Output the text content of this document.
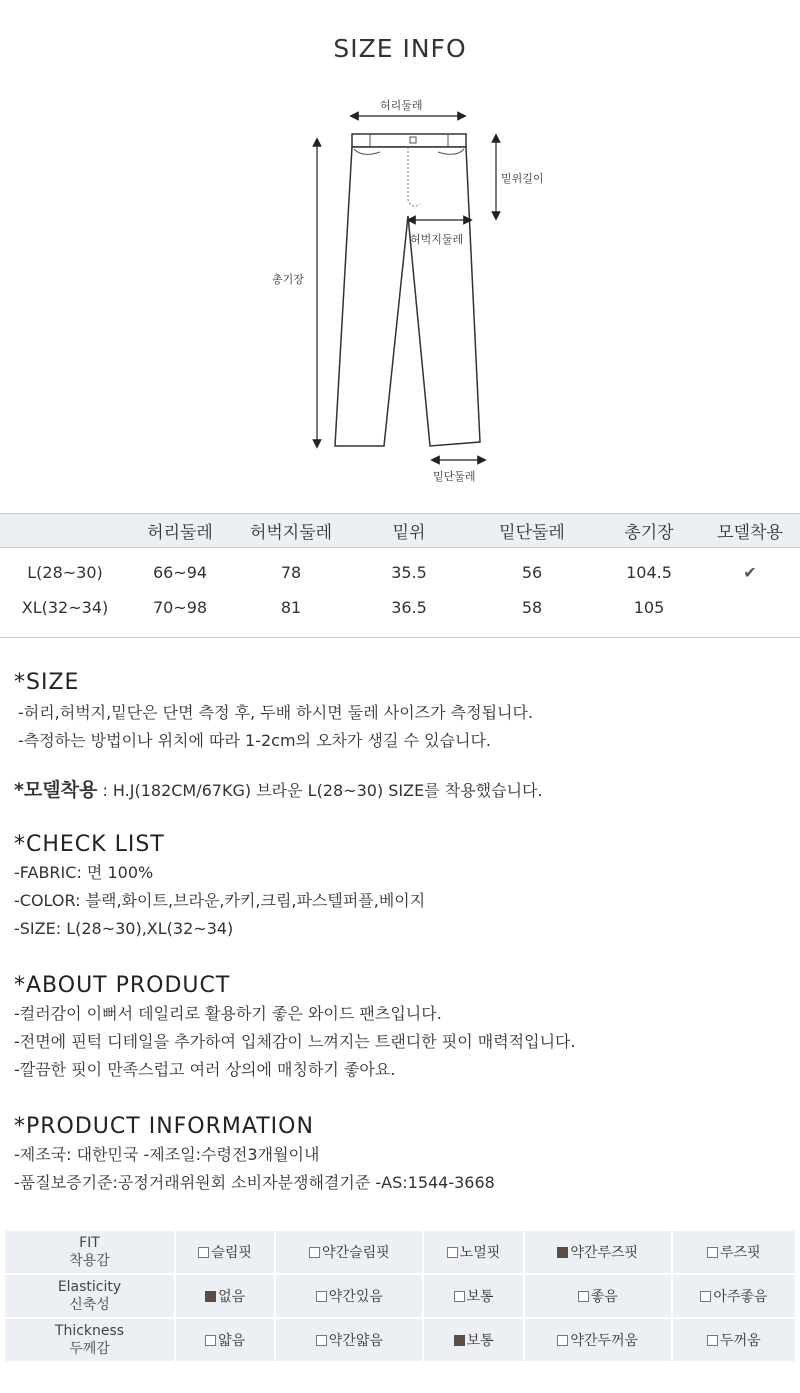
SIZE INFO
허리둘레
밑위길이
허벅지둘레
총기장
밑단둘레
	허리둘레	허벅지둘레	밑위	밑단둘레	총기장	모델착용
L(28~30)	66~94	78	35.5	56	104.5	✔
XL(32~34)	70~98	81	36.5	58	105	
*SIZE
-허리,허벅지,밑단은 단면 측정 후, 두배 하시면 둘레 사이즈가 측정됩니다.
-측정하는 방법이나 위치에 따라 1-2cm의 오차가 생길 수 있습니다.
*모델착용 : H.J(182CM/67KG) 브라운 L(28~30) SIZE를 착용했습니다.
*CHECK LIST
-FABRIC: 면 100%
-COLOR: 블랙,화이트,브라운,카키,크림,파스텔퍼플,베이지
-SIZE: L(28~30),XL(32~34)
*ABOUT PRODUCT
-컬러감이 이뻐서 데일리로 활용하기 좋은 와이드 팬츠입니다.
-전면에 핀턱 디테일을 추가하여 입체감이 느껴지는 트랜디한 핏이 매력적입니다.
-깔끔한 핏이 만족스럽고 여러 상의에 매칭하기 좋아요.
*PRODUCT INFORMATION
-제조국: 대한민국 -제조일:수령전3개월이내
-품질보증기준:공정거래위원회 소비자분쟁해결기준 -AS:1544-3668
FIT
착용감	슬림핏	약간슬림핏	노멀핏	약간루즈핏	루즈핏

Elasticity
신축성	없음	약간있음	보통	좋음	아주좋음

Thickness
두께감	얇음	약간얇음	보통	약간두꺼움	두꺼움
